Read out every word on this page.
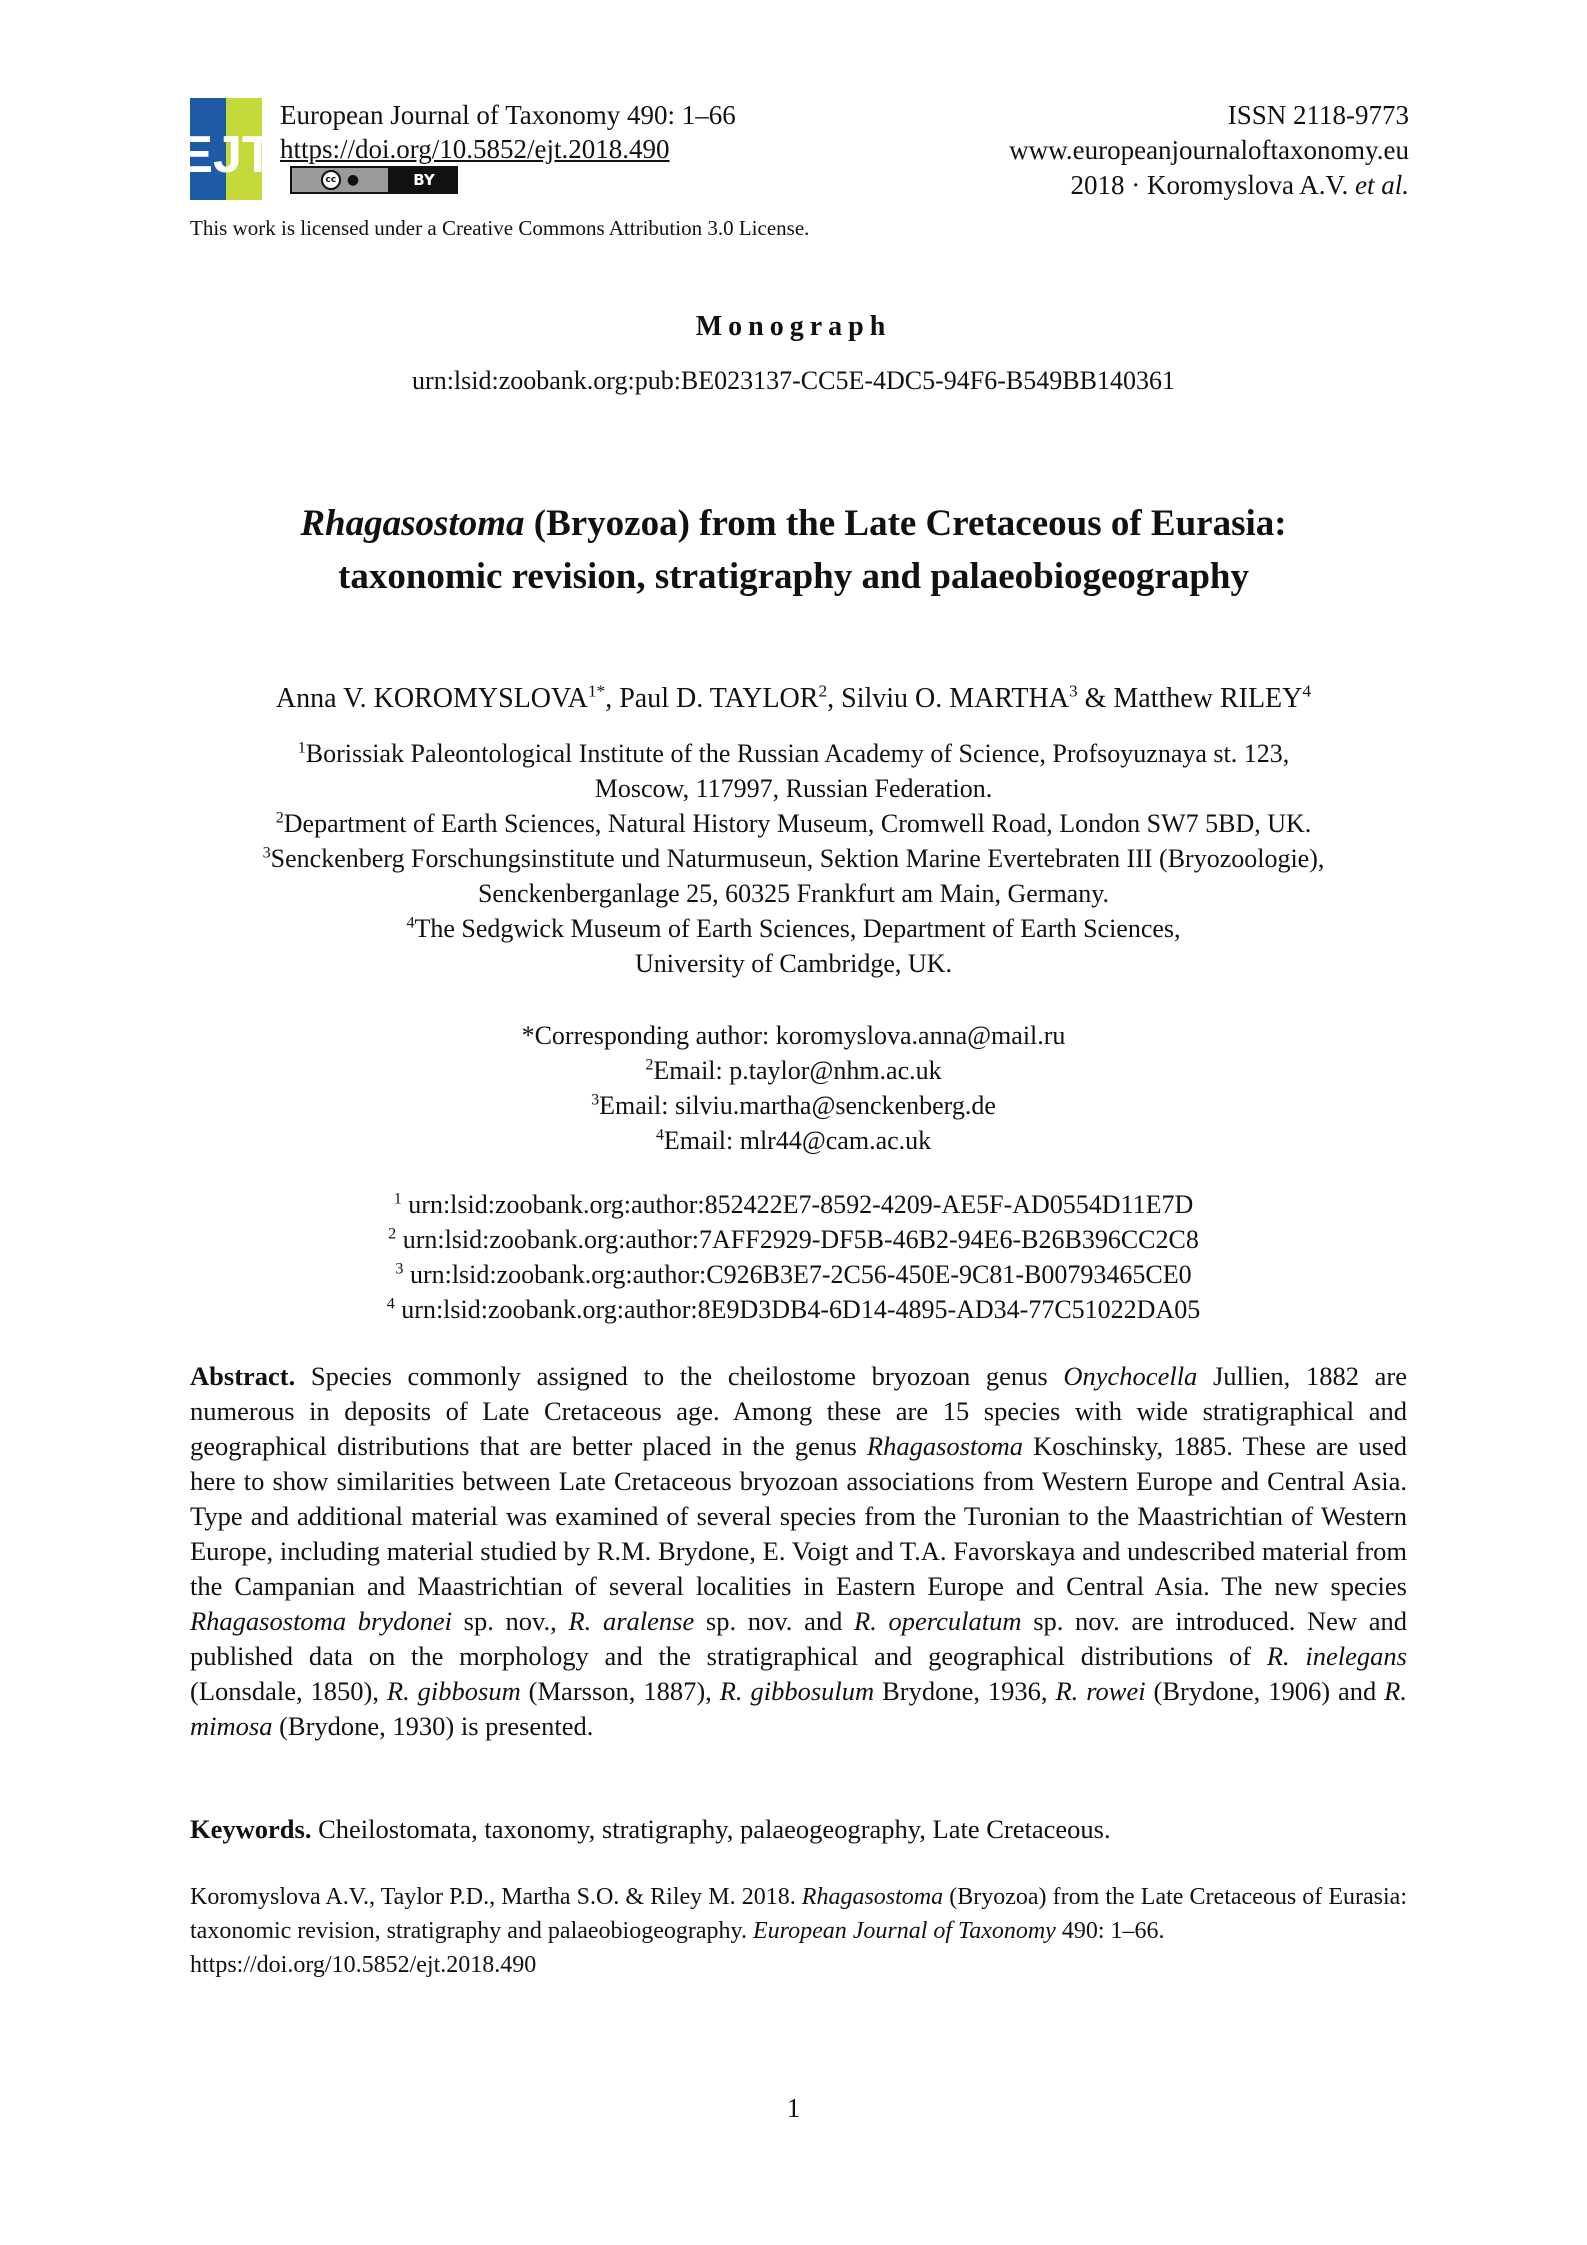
EJT
European Journal of Taxonomy 490: 1–66
https://doi.org/10.5852/ejt.2018.490
cc ●	BY
ISSN 2118-9773
www.europeanjournaloftaxonomy.eu
2018 · Koromyslova A.V. et al.
This work is licensed under a Creative Commons Attribution 3.0 License.
Monograph
urn:lsid:zoobank.org:pub:BE023137-CC5E-4DC5-94F6-B549BB140361
Rhagasostoma (Bryozoa) from the Late Cretaceous of Eurasia:
taxonomic revision, stratigraphy and palaeobiogeography
Anna V. $KOROMYSLOVA^{1*}$, Paul D. TAYLOR$^2$, Silviu O. MARTHA$^3$ & Matthew RILEY$^4$
$^1$Borissiak Paleontological Institute of the Russian Academy of Science, Profsoyuznaya st. 123,
Moscow, 117997, Russian Federation.
$^2$Department of Earth Sciences, Natural History Museum, Cromwell Road, London SW7 5BD, UK.
$^3$Senckenberg Forschungsinstitute und Naturmuseun, Sektion Marine Evertebraten III (Bryozoologie),
Senckenberganlage 25, 60325 Frankfurt am Main, Germany.
$^4$The Sedgwick Museum of Earth Sciences, Department of Earth Sciences,
University of Cambridge, UK.
*Corresponding author: koromyslova.anna@mail.ru
$^2$Email: p.taylor@nhm.ac.uk
$^3$Email: silviu.martha@senckenberg.de
$^4$Email: mlr44@cam.ac.uk
$^1$ urn:lsid:zoobank.org:author:852422E7-8592-4209-AE5F-AD0554D11E7D
$^2$ urn:lsid:zoobank.org:author:7AFF2929-DF5B-46B2-94E6-B26B396CC2C8
$^3$ urn:lsid:zoobank.org:author:C926B3E7-2C56-450E-9C81-B00793465CE0
$^4$ urn:lsid:zoobank.org:author:8E9D3DB4-6D14-4895-AD34-77C51022DA05
Abstract. Species commonly assigned to the cheilostome bryozoan genus Onychocella Jullien, 1882 are numerous in deposits of Late Cretaceous age. Among these are 15 species with wide stratigraphical and geographical distributions that are better placed in the genus Rhagasostoma Koschinsky, 1885. These are used here to show similarities between Late Cretaceous bryozoan associations from Western Europe and Central Asia. Type and additional material was examined of several species from the Turonian to the Maastrichtian of Western Europe, including material studied by R.M. Brydone, E. Voigt and T.A. Favorskaya and undescribed material from the Campanian and Maastrichtian of several localities in Eastern Europe and Central Asia. The new species Rhagasostoma brydonei sp. nov., R. aralense sp. nov. and R. operculatum sp. nov. are introduced. New and published data on the morphology and the stratigraphical and geographical distributions of R. inelegans (Lonsdale, 1850), R. gibbosum (Marsson, 1887), R. gibbosulum Brydone, 1936, R. rowei (Brydone, 1906) and R. mimosa (Brydone, 1930) is presented.
Keywords. Cheilostomata, taxonomy, stratigraphy, palaeogeography, Late Cretaceous.
Koromyslova A.V., Taylor P.D., Martha S.O. & Riley M. 2018. Rhagasostoma (Bryozoa) from the Late Cretaceous of Eurasia: taxonomic revision, stratigraphy and palaeobiogeography. European Journal of Taxonomy 490: 1–66.
https://doi.org/10.5852/ejt.2018.490
1
